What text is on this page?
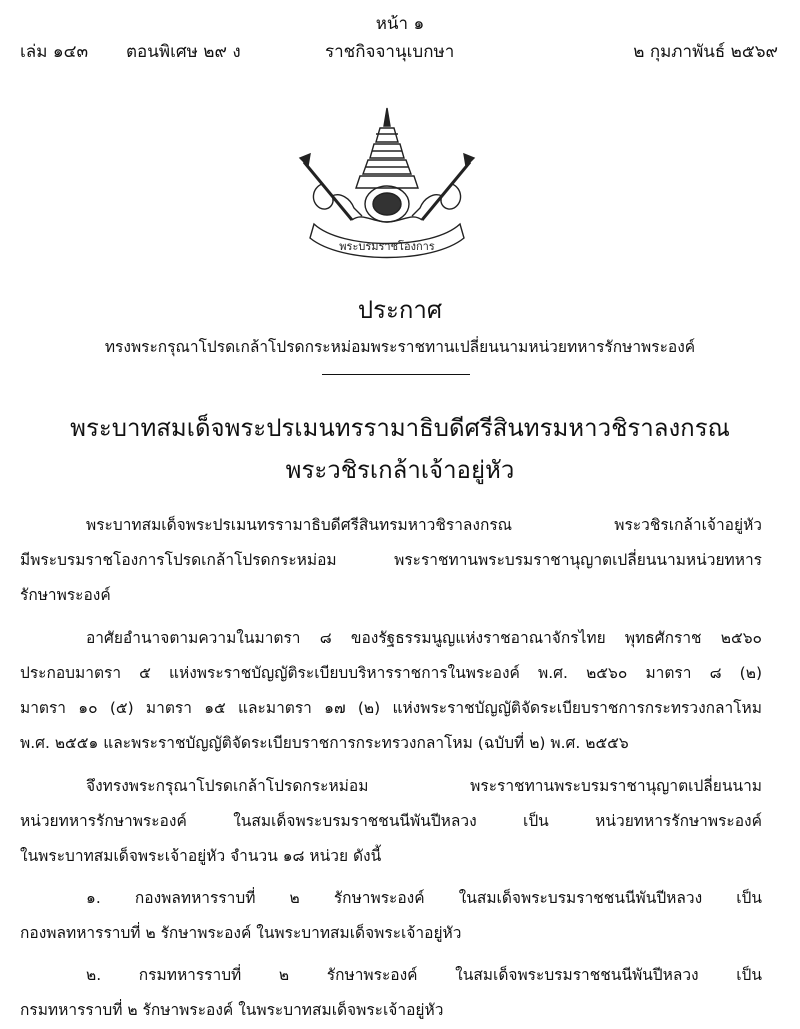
หน้า ๑
เล่ม ๑๔๓ ตอนพิเศษ ๒๙ ง	ราชกิจจานุเบกษา	๒ กุมภาพันธ์ ๒๕๖๙
พระบรมราชโองการ
ประกาศ
ทรงพระกรุณาโปรดเกล้าโปรดกระหม่อมพระราชทานเปลี่ยนนามหน่วยทหารรักษาพระองค์
พระบาทสมเด็จพระปรเมนทรรามาธิบดีศรีสินทรมหาวชิราลงกรณ
พระวชิรเกล้าเจ้าอยู่หัว
พระบาทสมเด็จพระปรเมนทรรามาธิบดีศรีสินทรมหาวชิราลงกรณ พระวชิรเกล้าเจ้าอยู่หัว
มีพระบรมราชโองการโปรดเกล้าโปรดกระหม่อม พระราชทานพระบรมราชานุญาตเปลี่ยนนามหน่วยทหาร
รักษาพระองค์
อาศัยอำนาจตามความในมาตรา ๘ ของรัฐธรรมนูญแห่งราชอาณาจักรไทย พุทธศักราช ๒๕๖๐
ประกอบมาตรา ๕ แห่งพระราชบัญญัติระเบียบบริหารราชการในพระองค์ พ.ศ. ๒๕๖๐ มาตรา ๘ (๒)
มาตรา ๑๐ (๕) มาตรา ๑๕ และมาตรา ๑๗ (๒) แห่งพระราชบัญญัติจัดระเบียบราชการกระทรวงกลาโหม
พ.ศ. ๒๕๕๑ และพระราชบัญญัติจัดระเบียบราชการกระทรวงกลาโหม (ฉบับที่ ๒) พ.ศ. ๒๕๕๖
จึงทรงพระกรุณาโปรดเกล้าโปรดกระหม่อม พระราชทานพระบรมราชานุญาตเปลี่ยนนาม
หน่วยทหารรักษาพระองค์ ในสมเด็จพระบรมราชชนนีพันปีหลวง เป็น หน่วยทหารรักษาพระองค์
ในพระบาทสมเด็จพระเจ้าอยู่หัว จำนวน ๑๘ หน่วย ดังนี้
๑. กองพลทหารราบที่ ๒ รักษาพระองค์ ในสมเด็จพระบรมราชชนนีพันปีหลวง เป็น
กองพลทหารราบที่ ๒ รักษาพระองค์ ในพระบาทสมเด็จพระเจ้าอยู่หัว
๒. กรมทหารราบที่ ๒ รักษาพระองค์ ในสมเด็จพระบรมราชชนนีพันปีหลวง เป็น
กรมทหารราบที่ ๒ รักษาพระองค์ ในพระบาทสมเด็จพระเจ้าอยู่หัว
